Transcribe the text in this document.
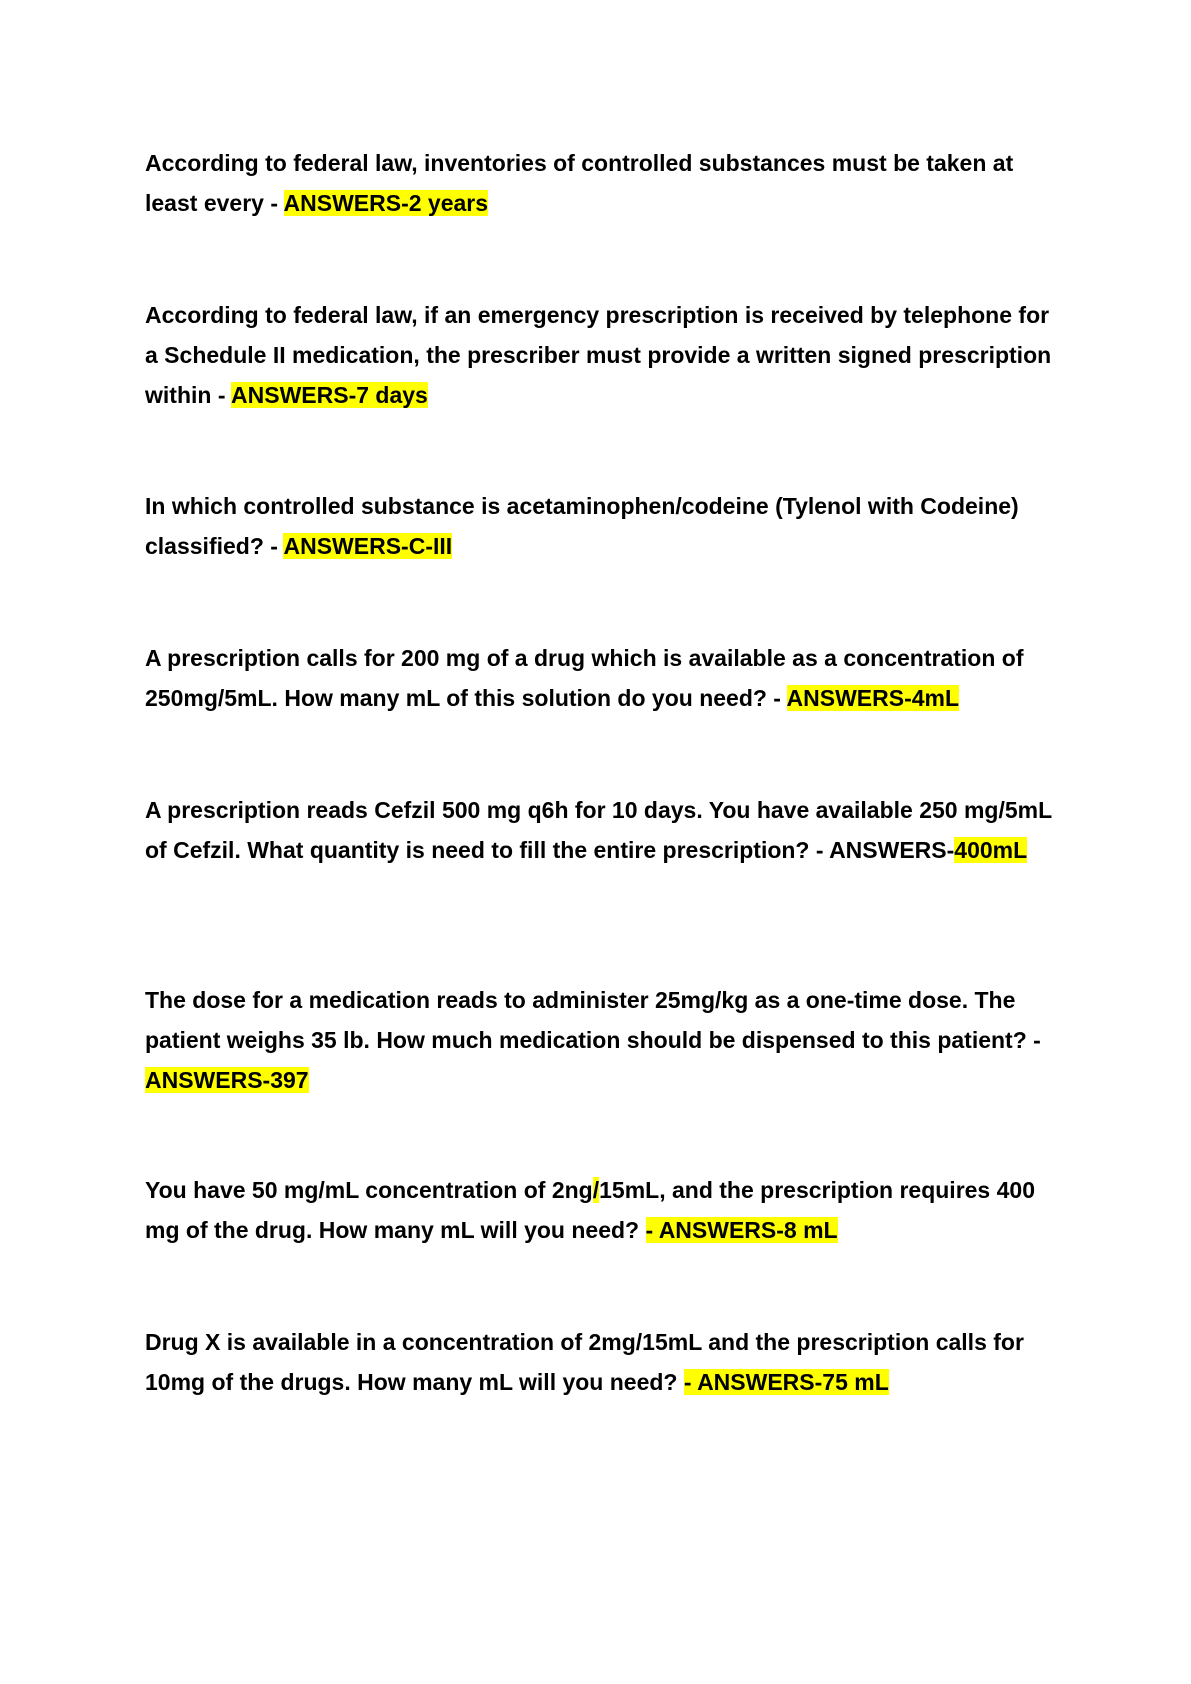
According to federal law, inventories of controlled substances must be taken at least every - ANSWERS-2 years

According to federal law, if an emergency prescription is received by telephone for a Schedule II medication, the prescriber must provide a written signed prescription within - ANSWERS-7 days

In which controlled substance is acetaminophen/codeine (Tylenol with Codeine) classified? - ANSWERS-C-III

A prescription calls for 200 mg of a drug which is available as a concentration of 250mg/5mL. How many mL of this solution do you need? - ANSWERS-4mL

A prescription reads Cefzil 500 mg q6h for 10 days. You have available 250 mg/5mL of Cefzil. What quantity is need to fill the entire prescription? - ANSWERS-400mL

The dose for a medication reads to administer 25mg/kg as a one-time dose. The patient weighs 35 lb. How much medication should be dispensed to this patient? - ANSWERS-397

You have 50 mg/mL concentration of 2ng/15mL, and the prescription requires 400 mg of the drug. How many mL will you need? - ANSWERS-8 mL

Drug X is available in a concentration of 2mg/15mL and the prescription calls for 10mg of the drugs. How many mL will you need? - ANSWERS-75 mL
